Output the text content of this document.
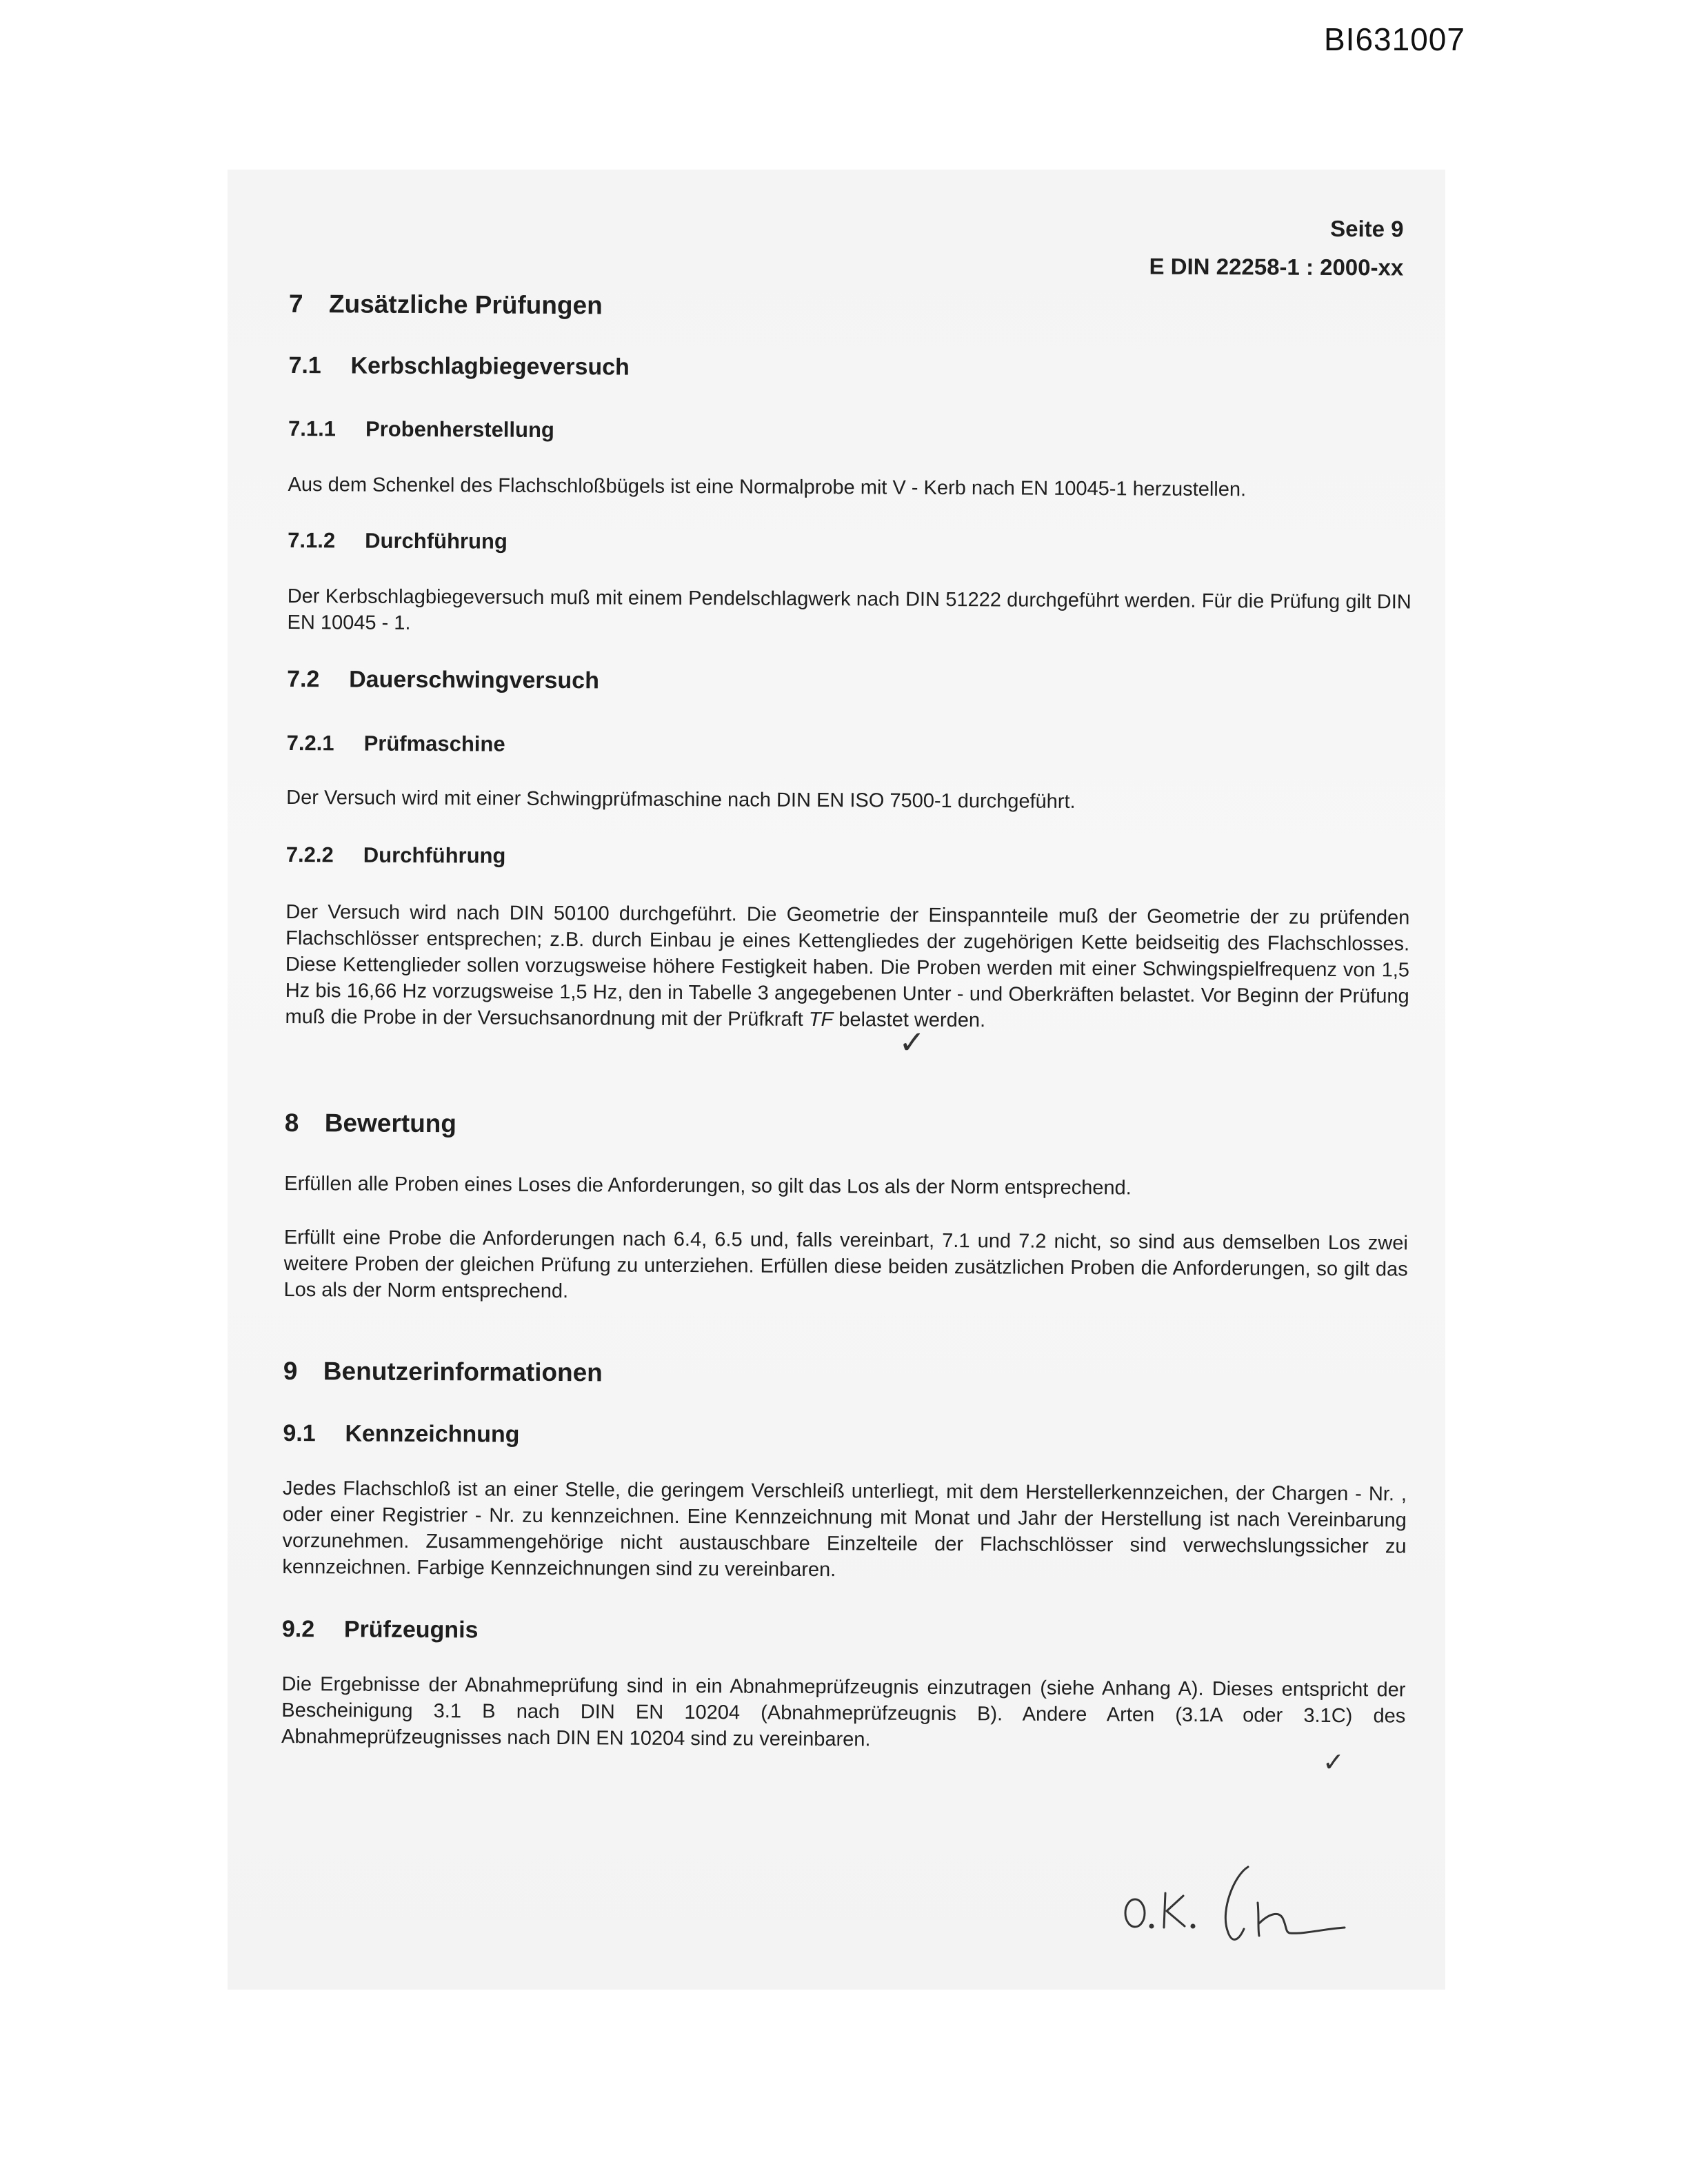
BI631007
Seite 9
E DIN 22258-1 : 2000-xx
7 Zusätzliche Prüfungen
7.1 Kerbschlagbiegeversuch
7.1.1 Probenherstellung
Aus dem Schenkel des Flachschloßbügels ist eine Normalprobe mit V - Kerb nach EN 10045-1 herzustellen.
7.1.2 Durchführung
Der Kerbschlagbiegeversuch muß mit einem Pendelschlagwerk nach DIN 51222 durchgeführt werden. Für die Prüfung gilt DIN EN 10045 - 1.
7.2 Dauerschwingversuch
7.2.1 Prüfmaschine
Der Versuch wird mit einer Schwingprüfmaschine nach DIN EN ISO 7500-1 durchgeführt.
7.2.2 Durchführung
Der Versuch wird nach DIN 50100 durchgeführt. Die Geometrie der Einspannteile muß der Geometrie der zu prüfenden Flachschlösser entsprechen; z.B. durch Einbau je eines Kettengliedes der zugehörigen Kette beidseitig des Flachschlosses. Diese Kettenglieder sollen vorzugsweise höhere Festigkeit haben. Die Proben werden mit einer Schwingspielfrequenz von 1,5 Hz bis 16,66 Hz vorzugsweise 1,5 Hz, den in Tabelle 3 angegebenen Unter - und Oberkräften belastet. Vor Beginn der Prüfung muß die Probe in der Versuchsanordnung mit der Prüfkraft TF belastet werden.
✓
8 Bewertung
Erfüllen alle Proben eines Loses die Anforderungen, so gilt das Los als der Norm entsprechend.
Erfüllt eine Probe die Anforderungen nach 6.4, 6.5 und, falls vereinbart, 7.1 und 7.2 nicht, so sind aus demselben Los zwei weitere Proben der gleichen Prüfung zu unterziehen. Erfüllen diese beiden zusätzlichen Proben die Anforderungen, so gilt das Los als der Norm entsprechend.
9 Benutzerinformationen
9.1 Kennzeichnung
Jedes Flachschloß ist an einer Stelle, die geringem Verschleiß unterliegt, mit dem Herstellerkennzeichen, der Chargen - Nr. , oder einer Registrier - Nr. zu kennzeichnen. Eine Kennzeichnung mit Monat und Jahr der Herstellung ist nach Vereinbarung vorzunehmen. Zusammengehörige nicht austauschbare Einzelteile der Flachschlösser sind verwechslungssicher zu kennzeichnen. Farbige Kennzeichnungen sind zu vereinbaren.
9.2 Prüfzeugnis
Die Ergebnisse der Abnahmeprüfung sind in ein Abnahmeprüfzeugnis einzutragen (siehe Anhang A). Dieses entspricht der Bescheinigung 3.1 B nach DIN EN 10204 (Abnahmeprüfzeugnis B). Andere Arten (3.1A oder 3.1C) des Abnahmeprüfzeugnisses nach DIN EN 10204 sind zu vereinbaren.
✓
